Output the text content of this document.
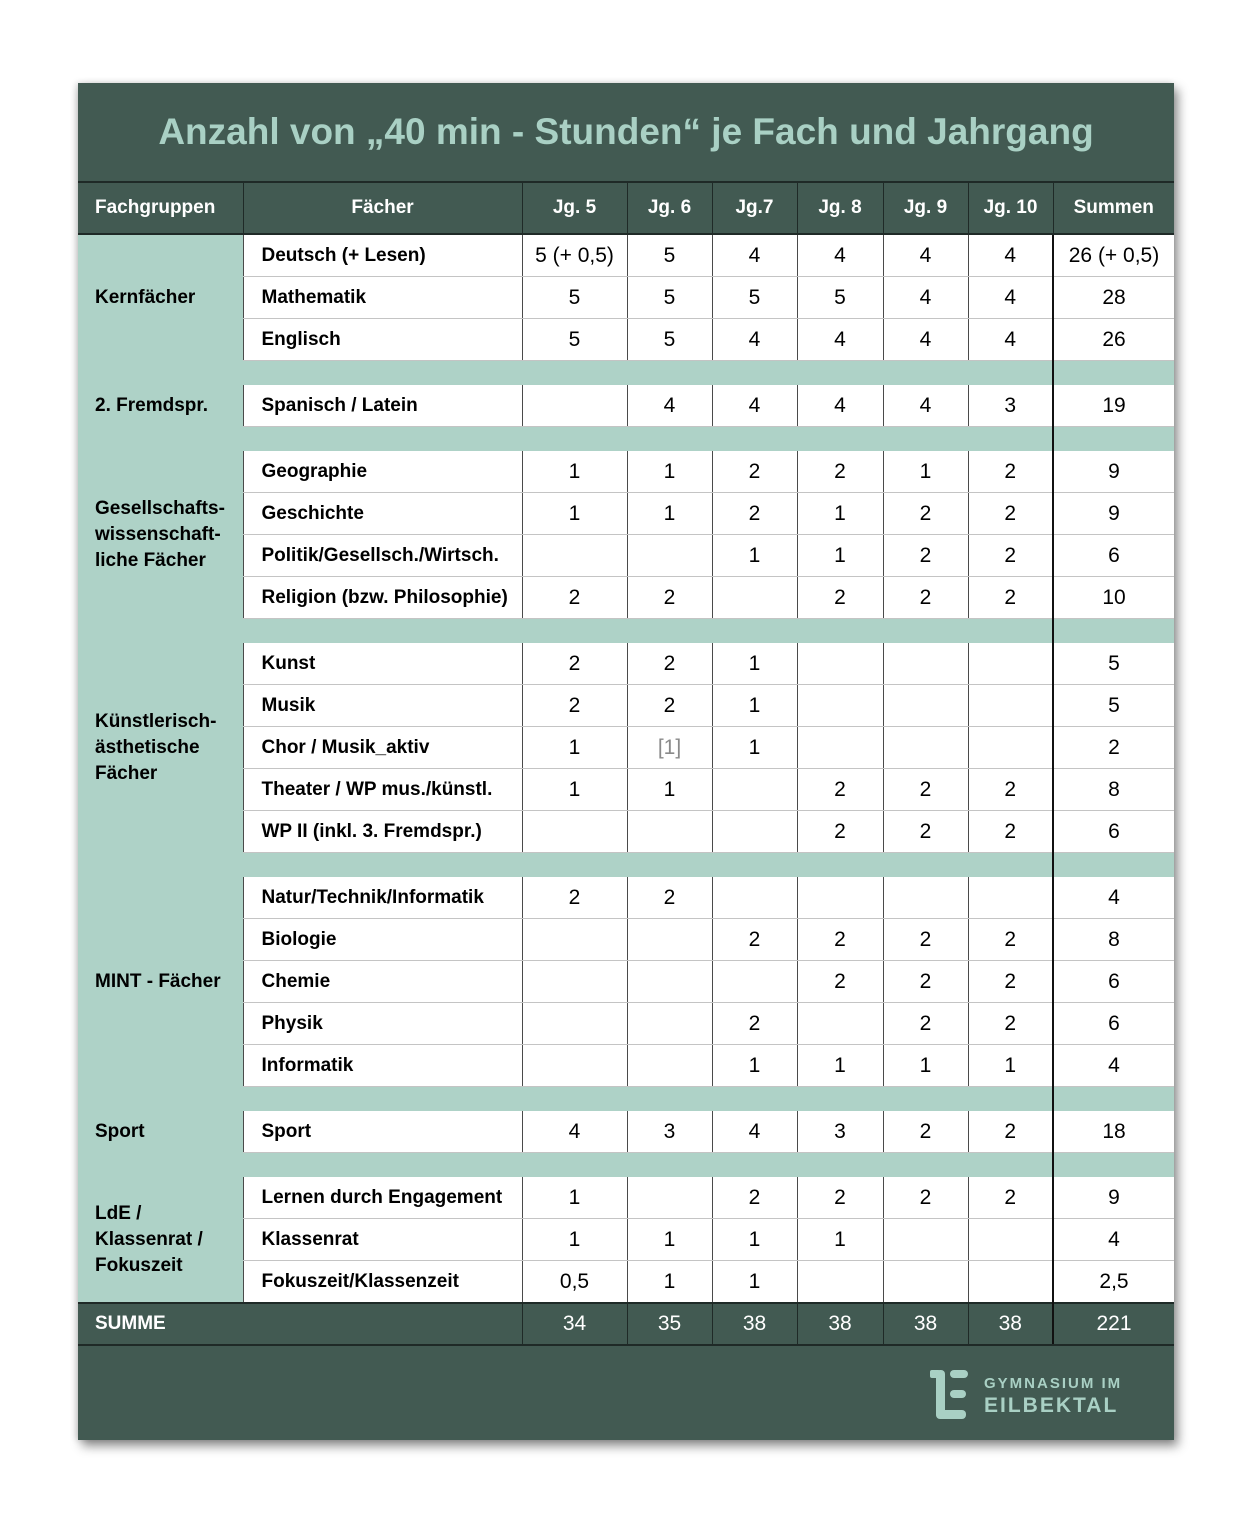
Anzahl von „40 min - Stunden“ je Fach und Jahrgang
Fachgruppen	Fächer	Jg. 5	Jg. 6	Jg.7	Jg. 8	Jg. 9	Jg. 10	Summen
Kernfächer	Deutsch (+ Lesen)	5 (+ 0,5)	5	4	4	4	4	26 (+ 0,5)
	Mathematik	5	5	5	5	4	4	28
	Englisch	5	5	4	4	4	4	26

2. Fremdspr.	Spanisch / Latein		4	4	4	4	3	19

Gesellschafts-
wissenschaft-
liche Fächer	Geographie	1	1	2	2	1	2	9
	Geschichte	1	1	2	1	2	2	9
	Politik/Gesellsch./Wirtsch.			1	1	2	2	6
	Religion (bzw. Philosophie)	2	2		2	2	2	10

Künstlerisch-
ästhetische
Fächer	Kunst	2	2	1				5
	Musik	2	2	1				5
	Chor / Musik_aktiv	1	[1]	1				2
	Theater / WP mus./künstl.	1	1		2	2	2	8
	WP II (inkl. 3. Fremdspr.)				2	2	2	6

MINT - Fächer	Natur/Technik/Informatik	2	2					4
	Biologie			2	2	2	2	8
	Chemie				2	2	2	6
	Physik			2		2	2	6
	Informatik			1	1	1	1	4

Sport	Sport	4	3	4	3	2	2	18

LdE /
Klassenrat /
Fokuszeit	Lernen durch Engagement	1		2	2	2	2	9
	Klassenrat	1	1	1	1			4
	Fokuszeit/Klassenzeit	0,5	1	1				2,5
SUMME		34	35	38	38	38	38	221
GYMNASIUM IM
EILBEKTAL
